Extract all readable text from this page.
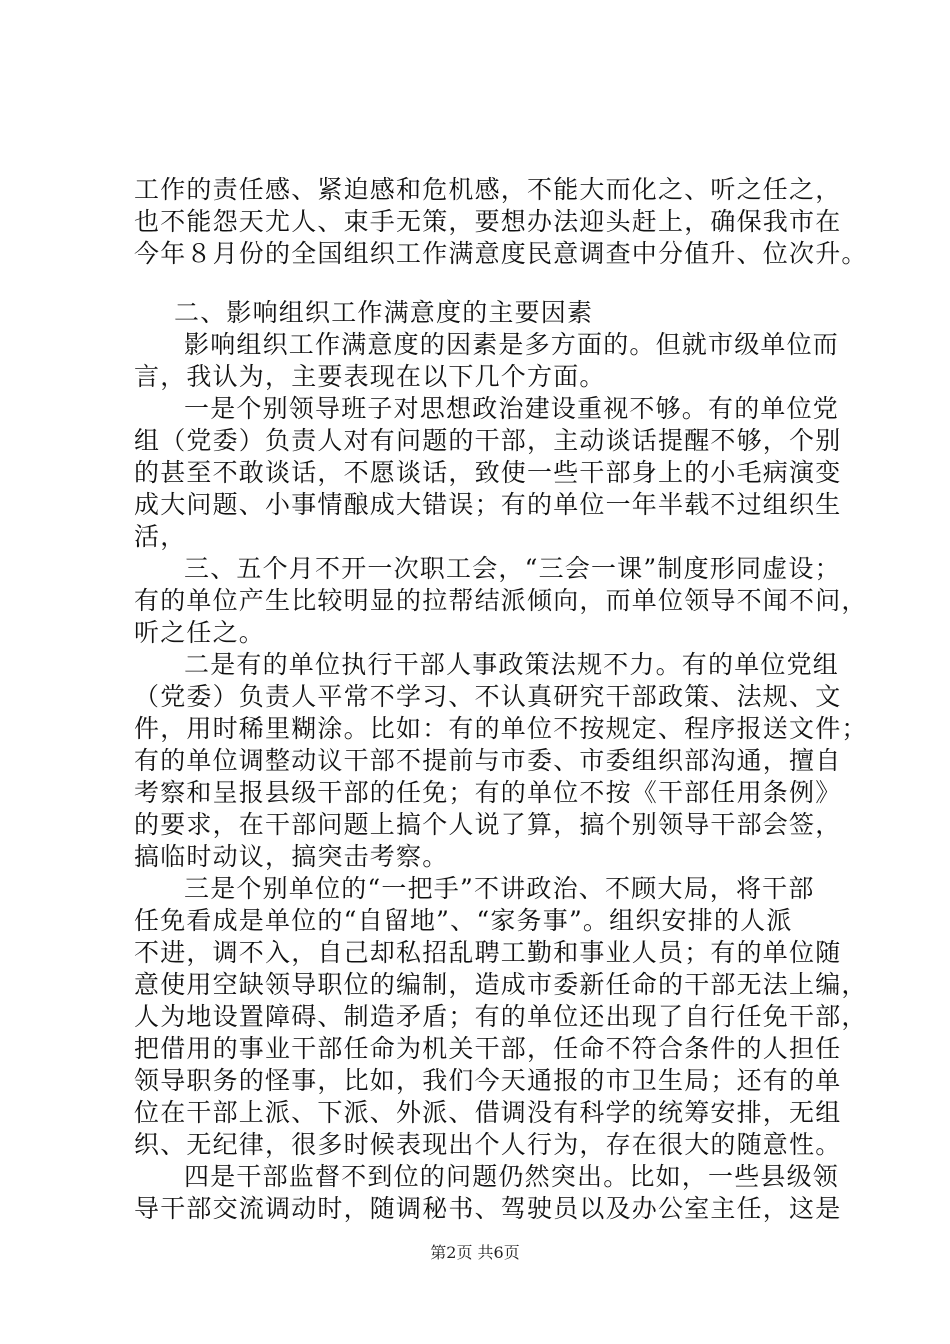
工作的责任感、紧迫感和危机感，不能大而化之、听之任之，
也不能怨天尤人、束手无策，要想办法迎头赶上，确保我市在
今年８月份的全国组织工作满意度民意调查中分值升、位次升。
二、影响组织工作满意度的主要因素
影响组织工作满意度的因素是多方面的。但就市级单位而
言，我认为，主要表现在以下几个方面。
一是个别领导班子对思想政治建设重视不够。有的单位党
组（党委）负责人对有问题的干部，主动谈话提醒不够，个别
的甚至不敢谈话，不愿谈话，致使一些干部身上的小毛病演变
成大问题、小事情酿成大错误；有的单位一年半载不过组织生
活，
三、五个月不开一次职工会，“三会一课”制度形同虚设；
有的单位产生比较明显的拉帮结派倾向，而单位领导不闻不问，
听之任之。
二是有的单位执行干部人事政策法规不力。有的单位党组
（党委）负责人平常不学习、不认真研究干部政策、法规、文
件，用时稀里糊涂。比如：有的单位不按规定、程序报送文件；
有的单位调整动议干部不提前与市委、市委组织部沟通，擅自
考察和呈报县级干部的任免；有的单位不按《干部任用条例》
的要求，在干部问题上搞个人说了算，搞个别领导干部会签，
搞临时动议，搞突击考察。
三是个别单位的“一把手”不讲政治、不顾大局，将干部
任免看成是单位的“自留地”、“家务事”。组织安排的人派
不进，调不入，自己却私招乱聘工勤和事业人员；有的单位随
意使用空缺领导职位的编制，造成市委新任命的干部无法上编，
人为地设置障碍、制造矛盾；有的单位还出现了自行任免干部，
把借用的事业干部任命为机关干部，任命不符合条件的人担任
领导职务的怪事，比如，我们今天通报的市卫生局；还有的单
位在干部上派、下派、外派、借调没有科学的统筹安排，无组
织、无纪律，很多时候表现出个人行为，存在很大的随意性。
四是干部监督不到位的问题仍然突出。比如，一些县级领
导干部交流调动时，随调秘书、驾驶员以及办公室主任，这是
第2页 共6页
